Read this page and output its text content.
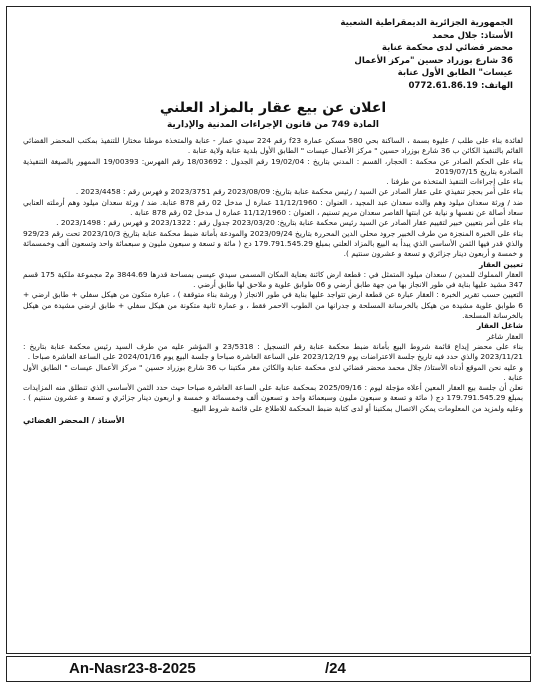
الجمهورية الجزائرية الديمقراطية الشعبية
الأستاذ: جلال محمد
محضر قضائي لدى محكمة عنابة
36 شارع بوزراد حسين "مركز الأعمال
عيسات" الطابق الأول عنابة
الهاتف: 0772.61.86.19
اعلان عن بيع عقار بالمزاد العلني
المادة 749 من قانون الإجراءات المدنية والإدارية

لفائدة بناء على طلب / عليوة بسمة ، الساكنة بحي 580 مسكن عمارة f23 رقم 224 سيدي عمار - عنابة والمتخذة موطنا مختارا للتنفيذ بمكتب المحضر القضائي القائم بالتنفيذ الكائن ب 36 شارع بوزراد حسين " مركز الأعمال عيسات " الطابق الأول بلدية عنابة ولاية عنابة .

بناء على الحكم الصادر عن محكمة : الحجار، القسم : المدني بتاريخ : 19/02/04 رقم الجدول : 18/03692 رقم الفهرس: 19/00393 الممهور بالصيغة التنفيذية الصادرة بتاريخ 2019/07/15

بناء على إجراءات التنفيذ المتخذة من طرفنا .

بناء على أمر بحجز تنفيذي على عقار الصادر عن السيد / رئيس محكمة عنابة بتاريخ: 2023/08/09 رقم 2023/3751 و فهرس رقم : 2023/4458 .

ضد / ورثة سعدان ميلود وهم والده سعدان عبد المجيد ، العنوان : 11/12/1960 عمارة ل مدخل 02 رقم 878 عنابة. ضد / ورثة سعدان ميلود وهم أرملته العنابي سعاد أصالة عن نفسها و نيابة عن ابنتها القاصر سعدان مريم تسنيم ، العنوان : 11/12/1960 عمارة ل مدخل 02 رقم 878 عنابة .

بناء على أمر بتعيين خبير لتقييم عقار الصادر عن السيد رئيس محكمة عنابة بتاريخ: 2023/03/20 جدول رقم : 2023/1322 و فهرس رقم : 2023/1498 .

بناء على الخبرة المنجزة من طرف الخبير جرود محلي الدين المحررة بتاريخ 2023/09/24 والمودعة بأمانة ضبط محكمة عنابة بتاريخ 2023/10/3 تحت رقم 929/23 والذي قدر فيها الثمن الأساسي الذي يبدأ به البيع بالمزاد العلني بمبلغ 179.791.545.29 دج ( مائة و تسعة و سبعون مليون و سبعمائة واحد وتسعون ألف وخمسمائة و خمسة و أربعون دينار جزائري و تسعة و عشرون سنتيم ).

تعيين العقار

العقار المملوك للمدين / سعدان ميلود المتمثل في : قطعة ارض كائنة بعناية المكان المسمى سيدي عيسى بمساحة قدرها 3844.69 م2 مجموعة ملكية 175 قسم 347 مشيد عليها بناية في طور الانجاز بها من جهة طابق أرضي و 06 طوابق علوية و ملاحق لها طابق أرضي .

التعيين حسب تقرير الخبرة : العقار عبارة عن قطعة ارض تتواجد عليها بناية في طور الانجاز ( ورشة بناء متوقفة ) ، عبارة متكون من هيكل سفلي + طابق ارضي + 6 طوابق علوية مشيدة من هيكل بالخرسانة المسلحة و جدرانها من الطوب الاحمر فقط ، و عمارة ثانية متكونة من هيكل سفلي + طابق ارضي مشيدة من هيكل بالخرسانة المسلحة.

شاغل العقار

العقار شاغر

بناء على محضر إيداع قائمة شروط البيع بأمانة ضبط محكمة عنابة رقم التسجيل : 23/5318 و المؤشر عليه من طرف السيد رئيس محكمة عنابة بتاريخ : 2023/11/21 والذي حدد فيه تاريخ جلسة الاعتراضات يوم 2023/12/19 على الساعة العاشرة صباحا و جلسة البيع يوم 2024/01/16 على الساعة العاشرة صباحا .

و عليه نحن الموقع أدناه الأستاذ/ جلال محمد محضر قضائي لدى محكمة عنابة والكائن مقر مكتبنا ب 36 شارع بوزراد حسين " مركز الأعمال عيسات " الطابق الأول عنابة .

نعلن أن جلسة بيع العقار المعين أعلاه مؤجلة ليوم : 2025/09/16 بمحكمة عنابة على الساعة العاشرة صباحا حيث حدد الثمن الأساسي الذي تنطلق منه المزايدات بمبلغ 179.791.545.29 دج ( مائة و تسعة و سبعون مليون وسبعمائة واحد و تسعون ألف وخمسمائة و خمسة و اربعون دينار جزائري و تسعة و عشرون سنتيم ) . وعليه ولمزيد من المعلومات يمكن الاتصال بمكتبنا أو لدى كتابة ضبط المحكمة للاطلاع على قائمة شروط البيع.

الأستاذ / المحضر القضائي
An-Nasr23-8-2025	/24
